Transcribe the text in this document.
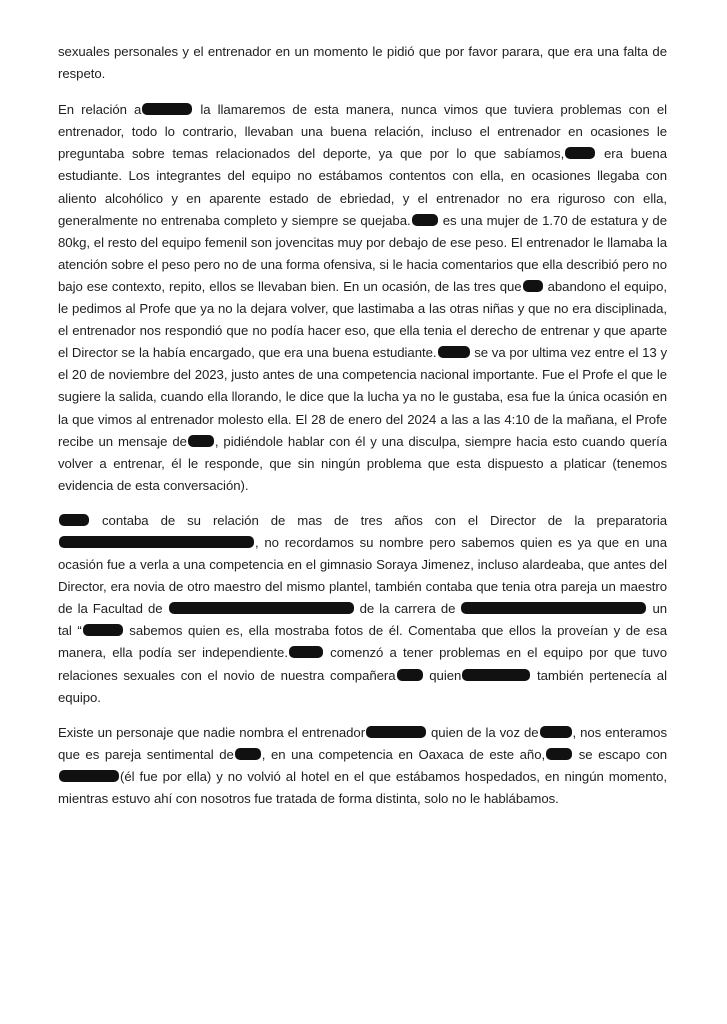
sexuales personales y el entrenador en un momento le pidió que por favor parara, que era una falta de respeto.

En relación a	la llamaremos de esta manera, nunca vimos que tuviera problemas con el entrenador, todo lo contrario, llevaban una buena relación, incluso el entrenador en ocasiones le preguntaba sobre temas relacionados del deporte, ya que por lo que sabíamos, era buena estudiante. Los integrantes del equipo no estábamos contentos con ella, en ocasiones llegaba con aliento alcohólico y en aparente estado de ebriedad, y el entrenador no era riguroso con ella, generalmente no entrenaba completo y siempre se quejaba. es una mujer de 1.70 de estatura y de 80kg, el resto del equipo femenil son jovencitas muy por debajo de ese peso. El entrenador le llamaba la atención sobre el peso pero no de una forma ofensiva, si le hacia comentarios que ella describió pero no bajo ese contexto, repito, ellos se llevaban bien. En un ocasión, de las tres que abandono el equipo, le pedimos al Profe que ya no la dejara volver, que lastimaba a las otras niñas y que no era disciplinada, el entrenador nos respondió que no podía hacer eso, que ella tenia el derecho de entrenar y que aparte el Director se la había encargado, que era una buena estudiante.	se va por ultima vez entre el 13 y el 20 de noviembre del 2023, justo antes de una competencia nacional importante. Fue el Profe el que le sugiere la salida, cuando ella llorando, le dice que la lucha ya no le gustaba, esa fue la única ocasión en la que vimos al entrenador molesto ella. El 28 de enero del 2024 a las a las 4:10 de la mañana, el Profe recibe un mensaje de , pidiéndole hablar con él y una disculpa, siempre hacia esto cuando quería volver a entrenar, él le responde, que sin ningún problema que esta dispuesto a platicar (tenemos evidencia de esta conversación).

contaba de su relación de mas de tres años con el Director de la preparatoria , no recordamos su nombre pero sabemos quien es ya que en una ocasión fue a verla a una competencia en el gimnasio Soraya Jimenez, incluso alardeaba, que antes del Director, era novia de otro maestro del mismo plantel, también contaba que tenia otra pareja un maestro de la Facultad de	de la carrera de	un tal “	sabemos quien es, ella mostraba fotos de él. Comentaba que ellos la proveían y de esa manera, ella podía ser independiente.	comenzó a tener problemas en el equipo por que tuvo relaciones sexuales con el novio de nuestra compañera quien	también pertenecía al equipo.

Existe un personaje que nadie nombra el entrenador	quien de la voz de	, nos enteramos que es pareja sentimental de , en una competencia en Oaxaca de este año, se escapo con(él fue por ella) y no volvió al hotel en el que estábamos hospedados, en ningún momento, mientras estuvo ahí con nosotros fue tratada de forma distinta, solo no le hablábamos.
